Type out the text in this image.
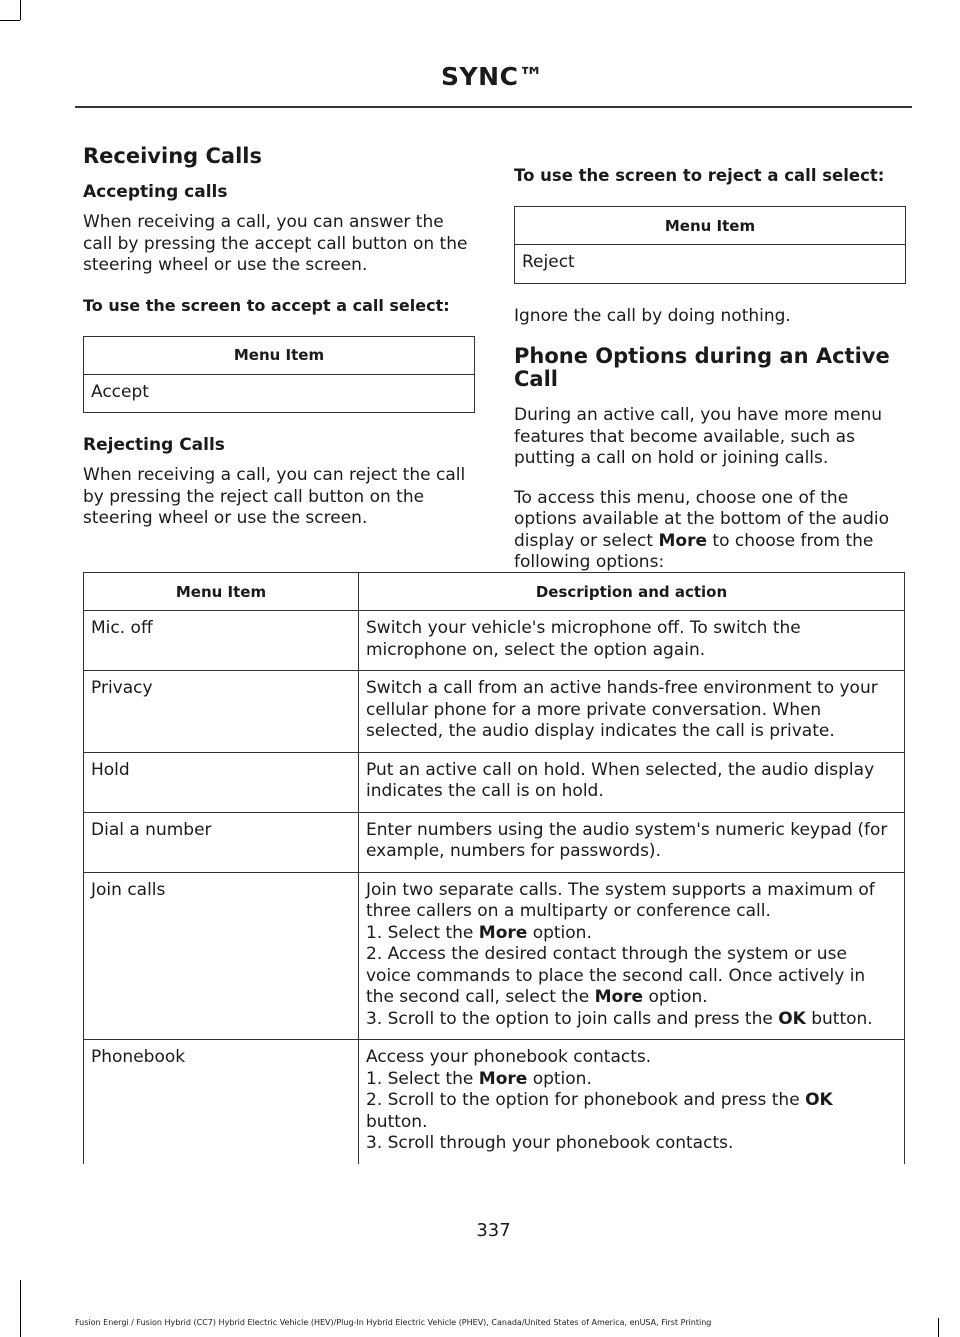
SYNC™
Receiving Calls
Accepting calls

When receiving a call, you can answer the call by pressing the accept call button on the steering wheel or use the screen.

To use the screen to accept a call select:
Menu Item
Accept
Rejecting Calls

When receiving a call, you can reject the call by pressing the reject call button on the steering wheel or use the screen.

To use the screen to reject a call select:
Menu Item
Reject

Ignore the call by doing nothing.

Phone Options during an Active Call

During an active call, you have more menu features that become available, such as putting a call on hold or joining calls.

To access this menu, choose one of the options available at the bottom of the audio display or select More to choose from the following options:

Menu Item	Description and action
Mic. off	Switch your vehicle's microphone off. To switch the microphone on, select the option again.

Privacy	Switch a call from an active hands-free environment to your cellular phone for a more private conversation. When selected, the audio display indicates the call is private.

Hold	Put an active call on hold. When selected, the audio display indicates the call is on hold.

Dial a number	Enter numbers using the audio system's numeric keypad (for example, numbers for passwords).

Join calls	Join two separate calls. The system supports a maximum of three callers on a multiparty or conference call.
1. Select the More option.
2. Access the desired contact through the system or use voice commands to place the second call. Once actively in the second call, select the More option.
3. Scroll to the option to join calls and press the OK button.

Phonebook	Access your phonebook contacts.
1. Select the More option.
2. Scroll to the option for phonebook and press the OK button.
3. Scroll through your phonebook contacts.
337
Fusion Energi / Fusion Hybrid (CC7) Hybrid Electric Vehicle (HEV)/Plug-In Hybrid Electric Vehicle (PHEV), Canada/United States of America, enUSA, First Printing
